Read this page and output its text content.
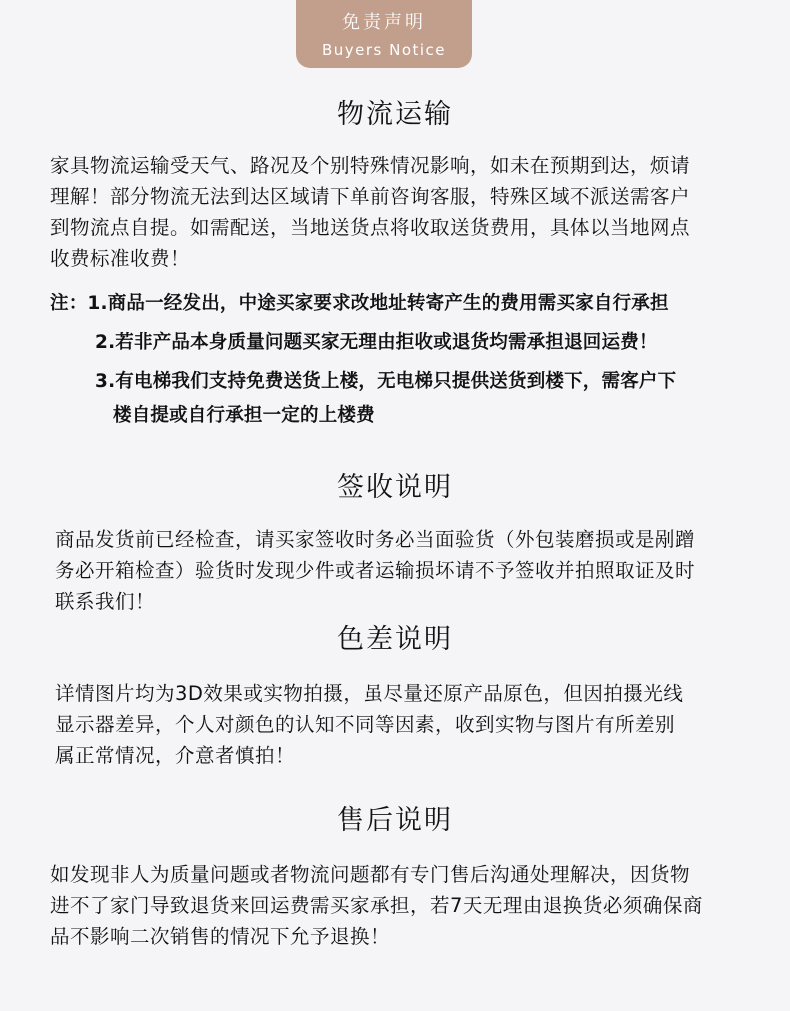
免责声明
Buyers Notice
物流运输
家具物流运输受天气、路况及个别特殊情况影响，如未在预期到达，烦请
理解！部分物流无法到达区域请下单前咨询客服，特殊区域不派送需客户
到物流点自提。如需配送，当地送货点将收取送货费用，具体以当地网点
收费标准收费！
注：1.商品一经发出，中途买家要求改地址转寄产生的费用需买家自行承担
2.若非产品本身质量问题买家无理由拒收或退货均需承担退回运费！
3.有电梯我们支持免费送货上楼，无电梯只提供送货到楼下，需客户下
楼自提或自行承担一定的上楼费
签收说明
商品发货前已经检查，请买家签收时务必当面验货（外包装磨损或是剐蹭
务必开箱检查）验货时发现少件或者运输损坏请不予签收并拍照取证及时
联系我们！
色差说明
详情图片均为3D效果或实物拍摄，虽尽量还原产品原色，但因拍摄光线
显示器差异，个人对颜色的认知不同等因素，收到实物与图片有所差别
属正常情况，介意者慎拍！
售后说明
如发现非人为质量问题或者物流问题都有专门售后沟通处理解决，因货物
进不了家门导致退货来回运费需买家承担，若7天无理由退换货必须确保商
品不影响二次销售的情况下允予退换！
